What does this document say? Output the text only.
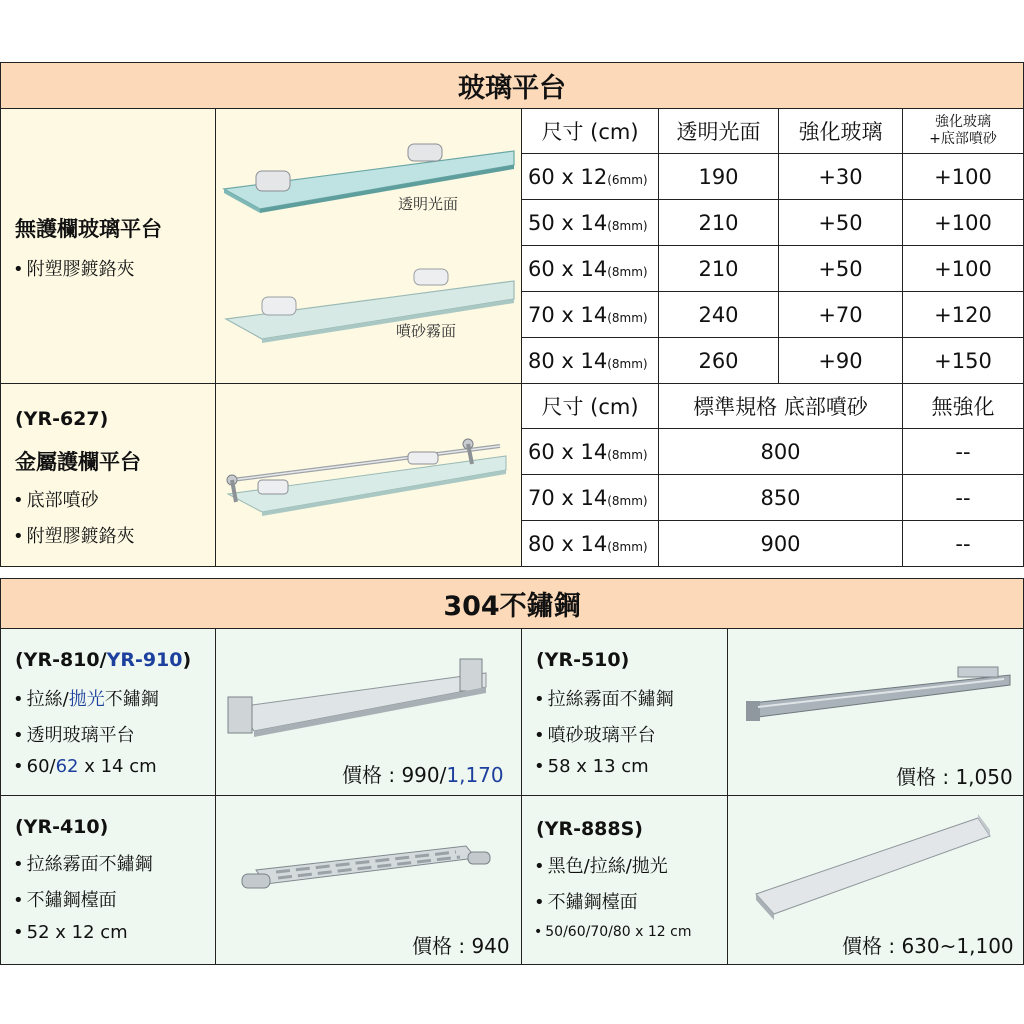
玻璃平台
無護欄玻璃平台
• 附塑膠鍍鉻夾
透明光面
噴砂霧面
尺寸 (cm)	透明光面	強化玻璃	強化玻璃
+底部噴砂
60 x 12 (6mm)	190	+30	+100
50 x 14 (8mm)	210	+50	+100
60 x 14 (8mm)	210	+50	+100
70 x 14 (8mm)	240	+70	+120
80 x 14 (8mm)	260	+90	+150
(YR-627)
金屬護欄平台
• 底部噴砂
• 附塑膠鍍鉻夾
尺寸 (cm)	標準規格 底部噴砂	無強化
60 x 14 (8mm)	800	--
70 x 14 (8mm)	850	--
80 x 14 (8mm)	900	--
304不鏽鋼
(YR-810/YR-910)
• 拉絲/拋光不鏽鋼
• 透明玻璃平台
• 60/62 x 14 cm	價格 : 990/1,170
(YR-510)
• 拉絲霧面不鏽鋼
• 噴砂玻璃平台
• 58 x 13 cm	價格 : 1,050
(YR-410)
• 拉絲霧面不鏽鋼
• 不鏽鋼檯面
• 52 x 12 cm
價格 : 940
(YR-888S)
• 黑色/拉絲/拋光
• 不鏽鋼檯面
• 50/60/70/80 x 12 cm
價格 : 630~1,100
